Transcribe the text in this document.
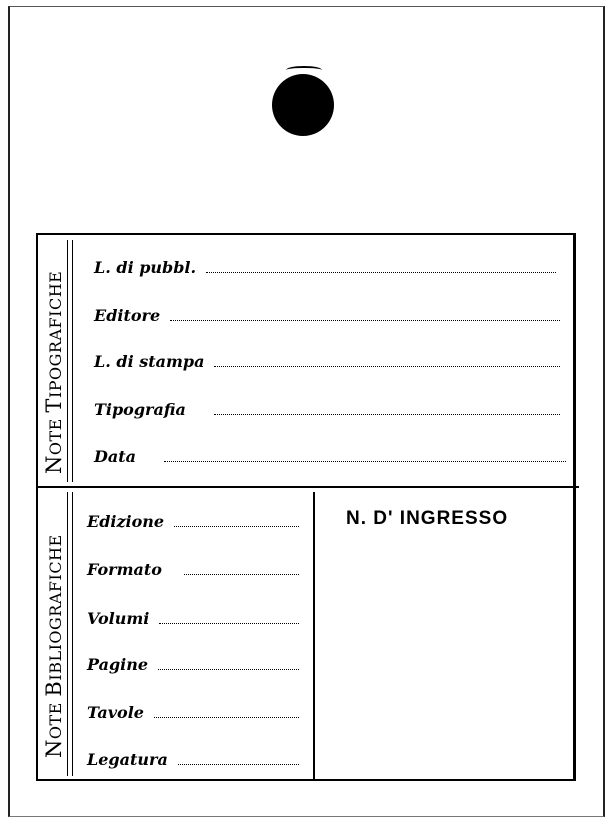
NOTE TIPOGRAFICHE
NOTE BIBLIOGRAFICHE
L. di pubbl.
Editore
L. di stampa
Tipografia
Data
Edizione
Formato
Volumi
Pagine
Tavole
Legatura
N. D' INGRESSO
